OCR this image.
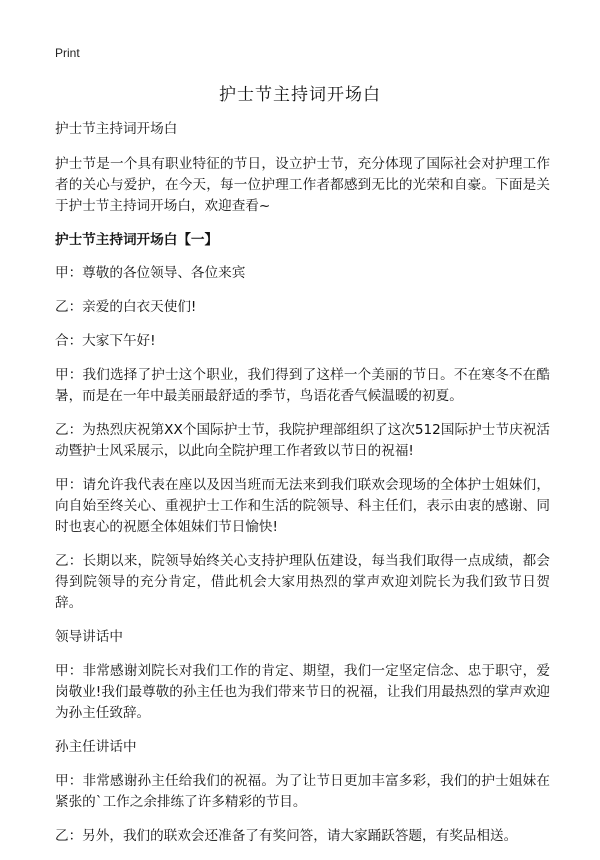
Print
护士节主持词开场白

护士节主持词开场白

护士节是一个具有职业特征的节日，设立护士节，充分体现了国际社会对护理工作者的关心与爱护，在今天，每一位护理工作者都感到无比的光荣和自豪。下面是关于护士节主持词开场白，欢迎查看~

护士节主持词开场白【一】

甲：尊敬的各位领导、各位来宾

乙：亲爱的白衣天使们!

合：大家下午好!

甲：我们选择了护士这个职业，我们得到了这样一个美丽的节日。不在寒冬不在酷暑，而是在一年中最美丽最舒适的季节，鸟语花香气候温暖的初夏。

乙：为热烈庆祝第XX个国际护士节，我院护理部组织了这次512国际护士节庆祝活动暨护士风采展示，以此向全院护理工作者致以节日的祝福!

甲：请允许我代表在座以及因当班而无法来到我们联欢会现场的全体护士姐妹们，向自始至终关心、重视护士工作和生活的院领导、科主任们，表示由衷的感谢、同时也衷心的祝愿全体姐妹们节日愉快!

乙：长期以来，院领导始终关心支持护理队伍建设，每当我们取得一点成绩，都会得到院领导的充分肯定，借此机会大家用热烈的掌声欢迎刘院长为我们致节日贺辞。

领导讲话中

甲：非常感谢刘院长对我们工作的肯定、期望，我们一定坚定信念、忠于职守，爱岗敬业!我们最尊敬的孙主任也为我们带来节日的祝福，让我们用最热烈的掌声欢迎为孙主任致辞。

孙主任讲话中

甲：非常感谢孙主任给我们的祝福。为了让节日更加丰富多彩，我们的护士姐妹在紧张的`工作之余排练了许多精彩的节目。

乙：另外，我们的联欢会还准备了有奖问答，请大家踊跃答题，有奖品相送。
